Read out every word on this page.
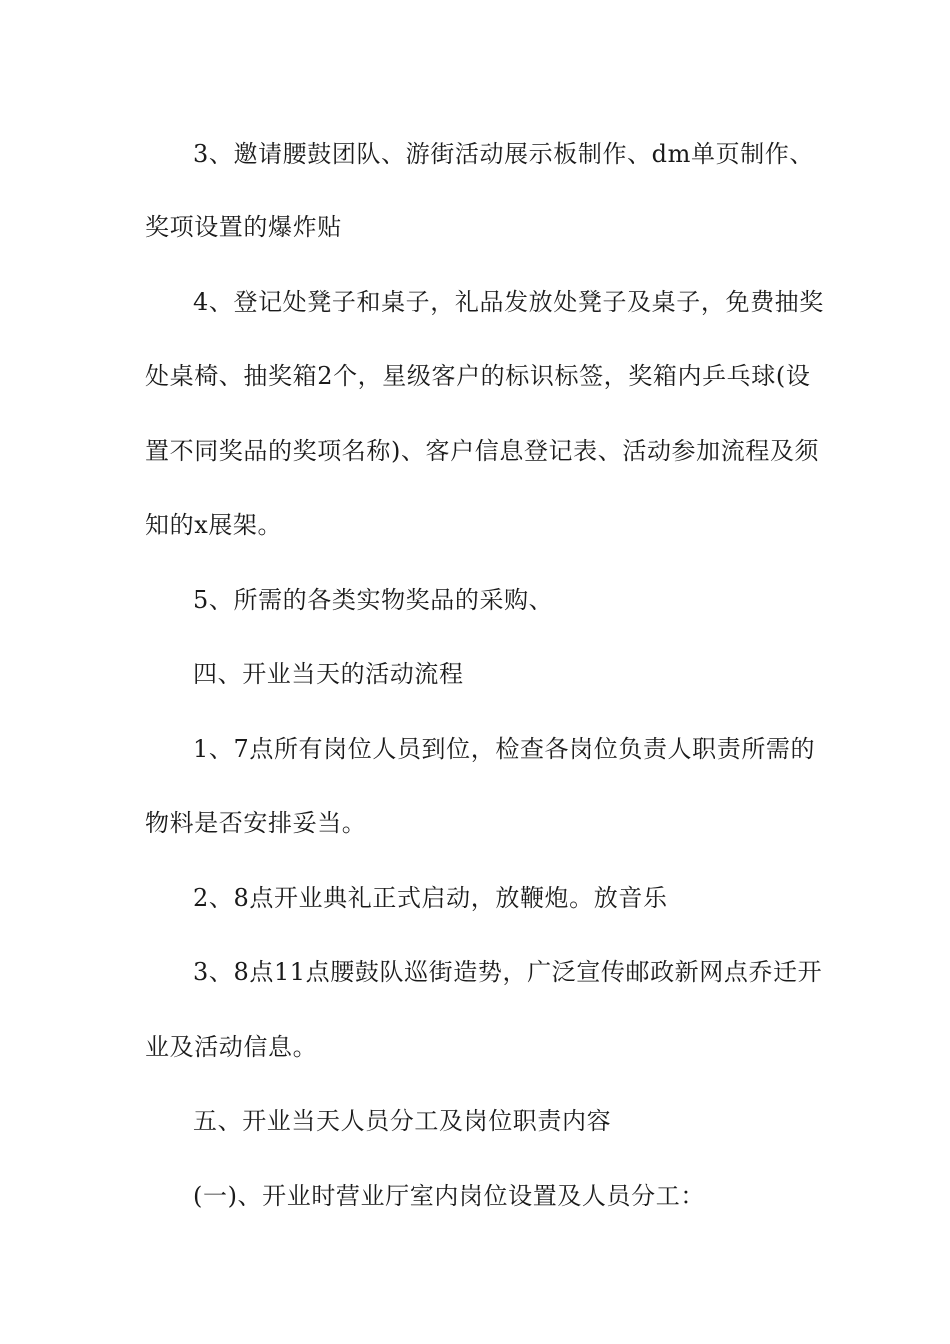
3、邀请腰鼓团队、游街活动展示板制作、dm单页制作、
奖项设置的爆炸贴
4、登记处凳子和桌子，礼品发放处凳子及桌子，免费抽奖
处桌椅、抽奖箱2个，星级客户的标识标签，奖箱内乒乓球(设
置不同奖品的奖项名称)、客户信息登记表、活动参加流程及须
知的x展架。
5、所需的各类实物奖品的采购、
四、开业当天的活动流程
1、7点所有岗位人员到位，检查各岗位负责人职责所需的
物料是否安排妥当。
2、8点开业典礼正式启动，放鞭炮。放音乐
3、8点11点腰鼓队巡街造势，广泛宣传邮政新网点乔迁开
业及活动信息。
五、开业当天人员分工及岗位职责内容
(一)、开业时营业厅室内岗位设置及人员分工：
